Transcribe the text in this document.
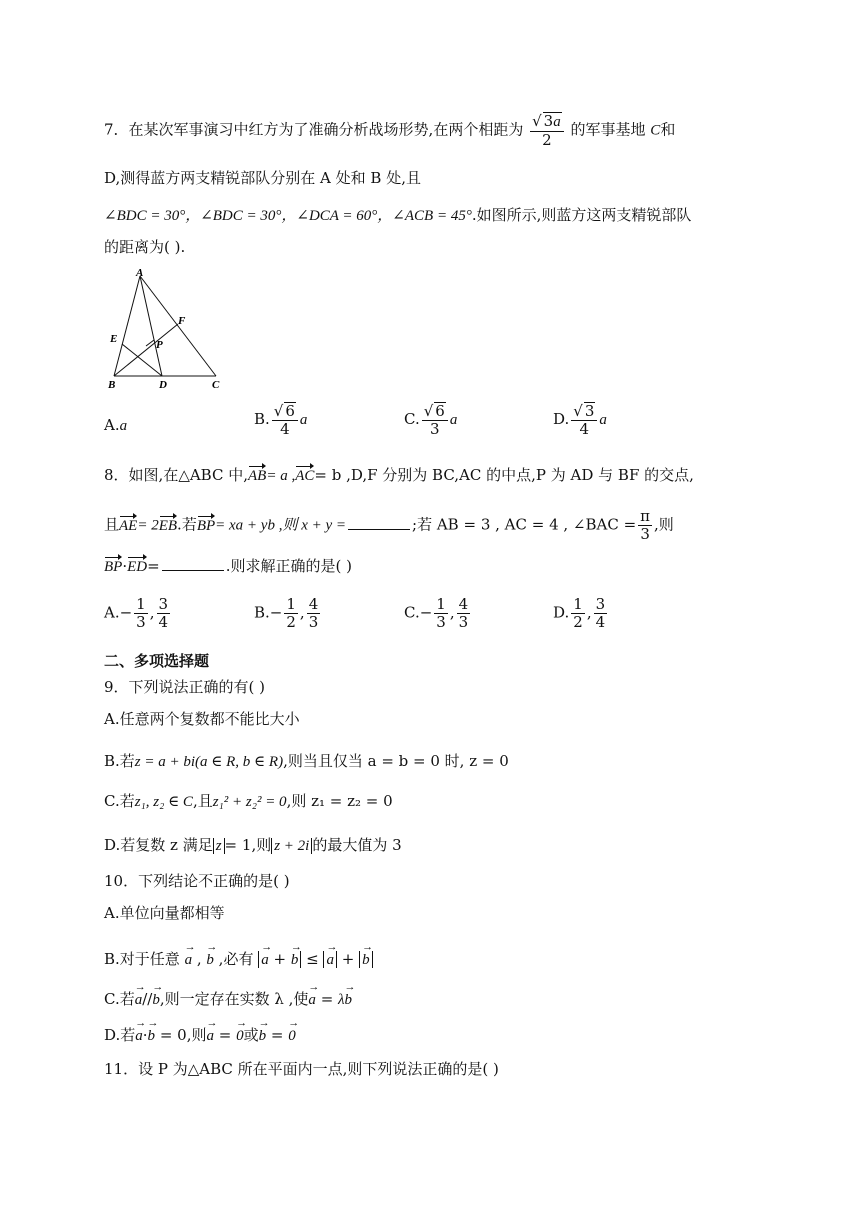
7．在某次军事演习中红方为了准确分析战场形势,在两个相距为 $\frac{√ 3a}{2}$ 的军事基地 C和
D,测得蓝方两支精锐部队分别在 A 处和 B 处,且
∠BDC = 30°，∠BDC = 30°，∠DCA = 60°，∠ACB = 45°.如图所示,则蓝方这两支精锐部队
的距离为( ).
A
E
F
P
B	D	C
A.a	B. $\frac{√ 6}{4}$ a	C. $\frac{√ 6}{3}$ a	D. $\frac{√ 3}{4}$ a
8．如图,在△ABC 中,AB= a ,AC= b ,D,F 分别为 BC,AC 的中点,P 为 AD 与 BF 的交点,
且AE= 2EB.若BP= xa + yb ,则 x + y =	;若 AB = 3 , AC = 4 , ∠BAC = $\frac{\pi}{3}$ ,则
BP·ED=	.则求解正确的是( )
$A.- \frac{1}{3}$ , $\frac{3}{4}$	$B.- \frac{1}{2}$ , $\frac{4}{3}$	$C.- \frac{1}{3}$ , $\frac{4}{3}$	D. $\frac{1}{2}$ , $\frac{3}{4}$
二、多项选择题
9．下列说法正确的有( )
A.任意两个复数都不能比大小
B.若z = a + bi(a ∈ R, b ∈ R),则当且仅当 a = b = 0 时, z = 0
C.若z₁, z₂ ∈ C,且z₁² + z₂² = 0,则 z₁ = z₂ = 0
D.若复数 z 满足 z = 1,则 z + 2i 的最大值为 3
10．下列结论不正确的是( )
A.单位向量都相等
B.对于任意 → a , → b ,必有 → a + → b ≤ → a + → b
C.若→ a//→ b,则一定存在实数 λ ,使→ a = λ→ b
D.若→ a·→ b = 0,则→ a = → 0或→ b = → 0
11．设 P 为△ABC 所在平面内一点,则下列说法正确的是( )
